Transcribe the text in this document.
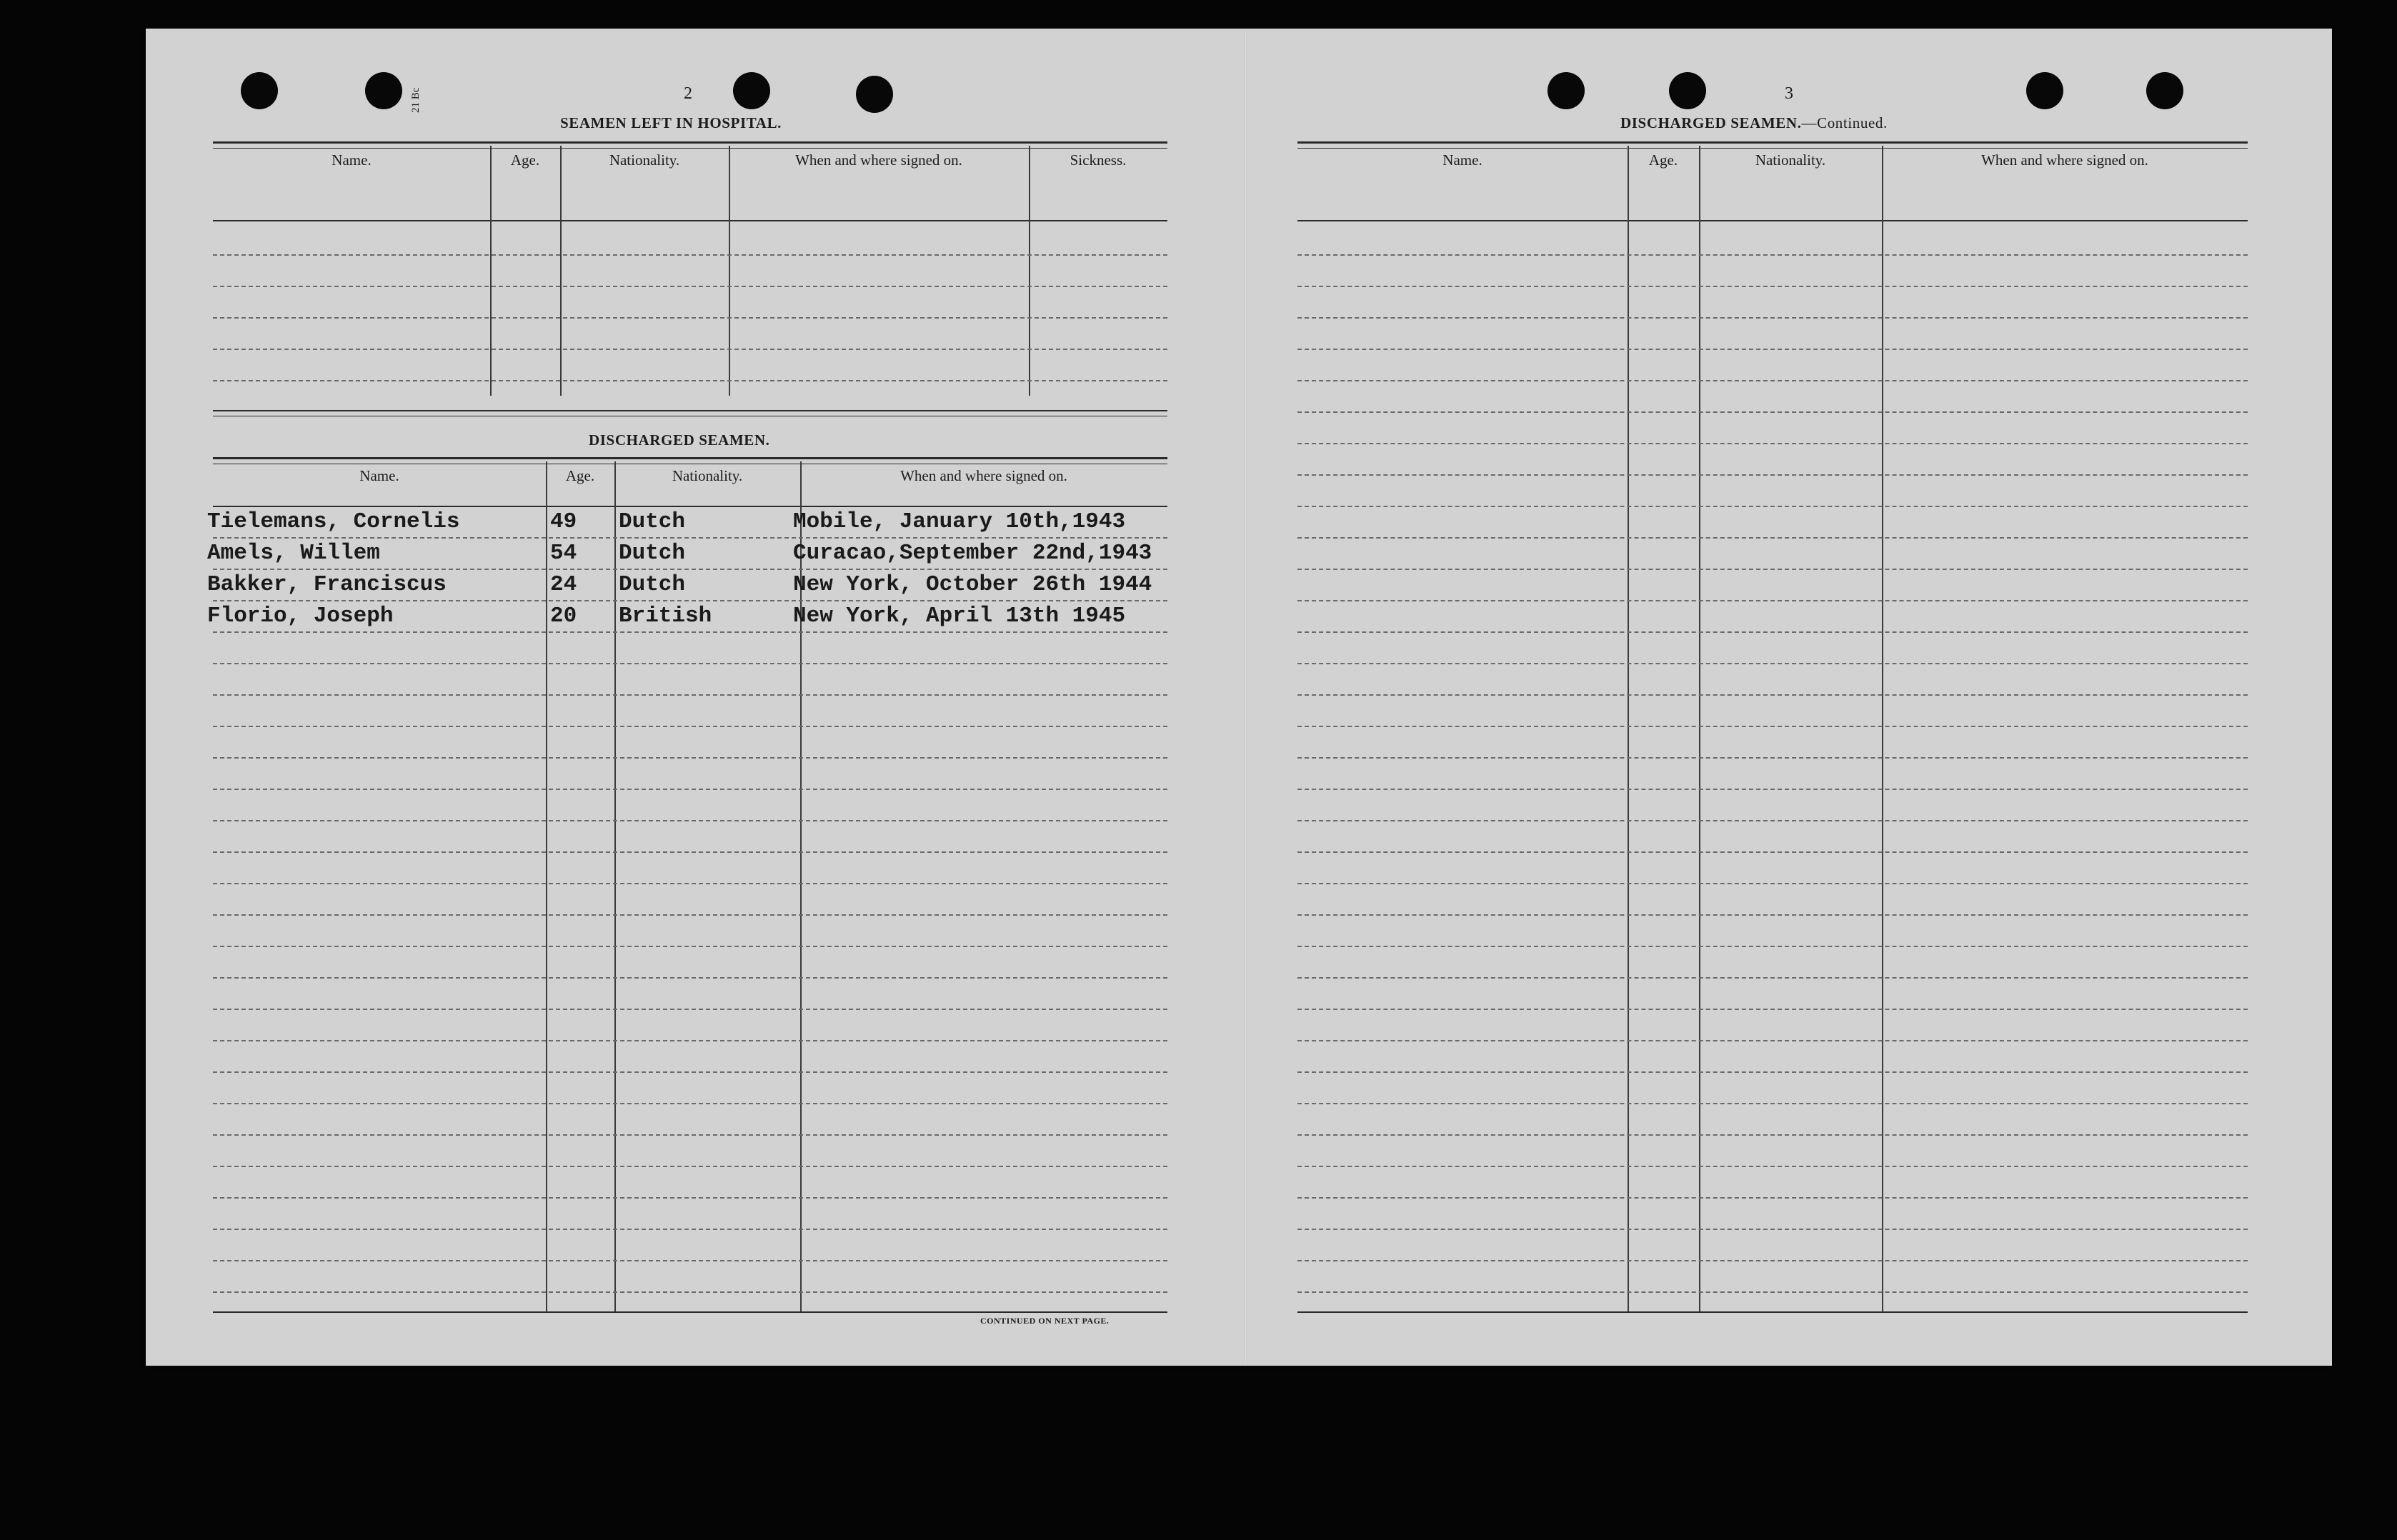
21 Bc	2
SEAMEN LEFT IN HOSPITAL.
Name.	Age.	Nationality.	When and where signed on.	Sickness.
DISCHARGED SEAMEN.
Name.	Age.	Nationality.	When and where signed on.
Tielemans, Cornelis	49 Dutch	Mobile, January 10th,1943
Amels, Willem	54 Dutch	Curacao,September 22nd,1943
Bakker, Franciscus	24 Dutch	New York, October 26th 1944
Florio, Joseph	20 British	New York, April 13th 1945
CONTINUED ON NEXT PAGE.
3
DISCHARGED SEAMEN.—Continued.
Name.	Age.	Nationality.	When and where signed on.
